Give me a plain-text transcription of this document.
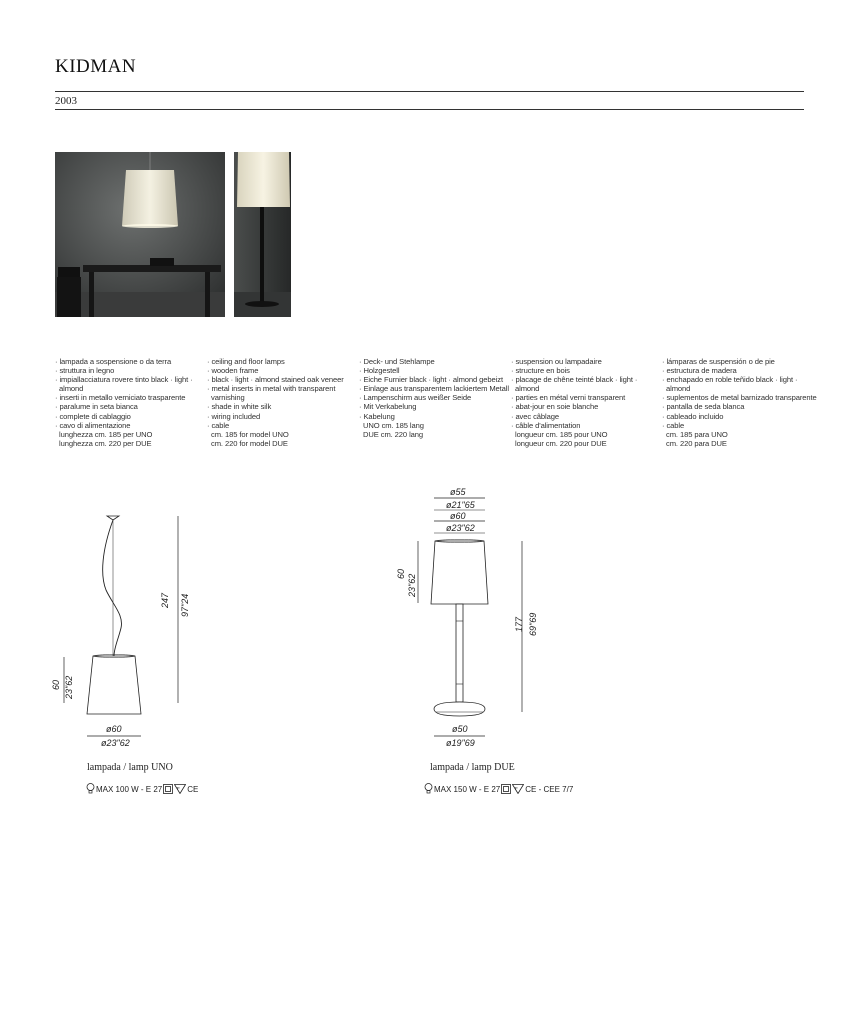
KIDMAN
2003
· lampada a sospensione o da terra
· struttura in legno
· impiallacciatura rovere tinto black · light ·
almond
· inserti in metallo verniciato trasparente
· paralume in seta bianca
· complete di cablaggio
· cavo di alimentazione
lunghezza cm. 185 per UNO
lunghezza cm. 220 per DUE
· ceiling and floor lamps
· wooden frame
· black · light · almond stained oak veneer
· metal inserts in metal with transparent
varnishing
· shade in white silk
· wiring included
· cable
cm. 185 for model UNO
cm. 220 for model DUE
· Deck- und Stehlampe
· Holzgestell
· Eiche Furnier black · light · almond gebeizt
· Einlage aus transparentem lackiertem Metall
· Lampenschirm aus weißer Seide
· Mit Verkabelung
· Kabelung
UNO cm. 185 lang
DUE cm. 220 lang
· suspension ou lampadaire
· structure en bois
· placage de chêne teinté black · light ·
almond
· parties en métal verni transparent
· abat-jour en soie blanche
· avec câblage
· câble d'alimentation
longueur cm. 185 pour UNO
longueur cm. 220 pour DUE
· lámparas de suspensión o de pie
· estructura de madera
· enchapado en roble teñido black · light ·
almond
· suplementos de metal barnizado transparente
· pantalla de seda blanca
· cableado incluido
· cable
cm. 185 para UNO
cm. 220 para DUE
247 97"24
60 23"62
ø60
ø23"62
ø55
ø21"65
ø60
ø23"62
60 23"62
177 69"69
ø50
ø19"69
lampada / lamp UNO	lampada / lamp DUE
MAX 100 W - E 27	F CE	MAX 150 W - E 27	F CE - CEE 7/7
